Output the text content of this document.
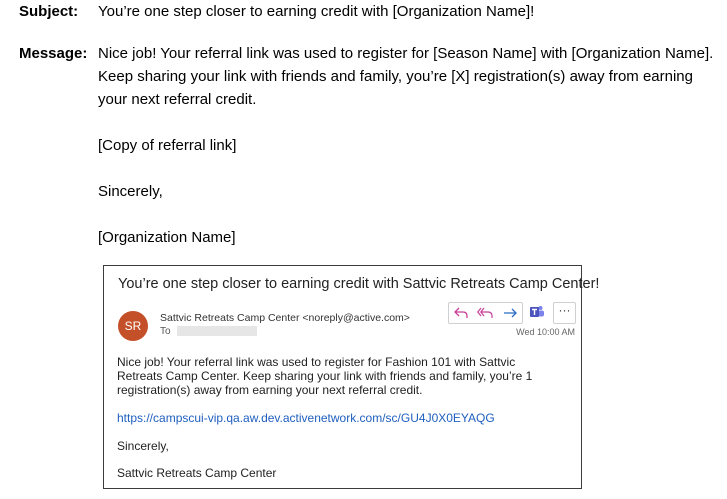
Subject: You’re one step closer to earning credit with [Organization Name]!
Message: Nice job! Your referral link was used to register for [Season Name] with [Organization Name].
Keep sharing your link with friends and family, you’re [X] registration(s) away from earning
your next referral credit.
[Copy of referral link]
Sincerely,
[Organization Name]
You’re one step closer to earning credit with Sattvic Retreats Camp Center!
SR
Sattvic Retreats Camp Center <noreply@active.com>
To
···
Wed 10:00 AM
Nice job! Your referral link was used to register for Fashion 101 with Sattvic Retreats Camp Center. Keep sharing your link with friends and family, you’re 1 registration(s) away from earning your next referral credit.
https://campscui-vip.qa.aw.dev.activenetwork.com/sc/GU4J0X0EYAQG
Sincerely,
Sattvic Retreats Camp Center
